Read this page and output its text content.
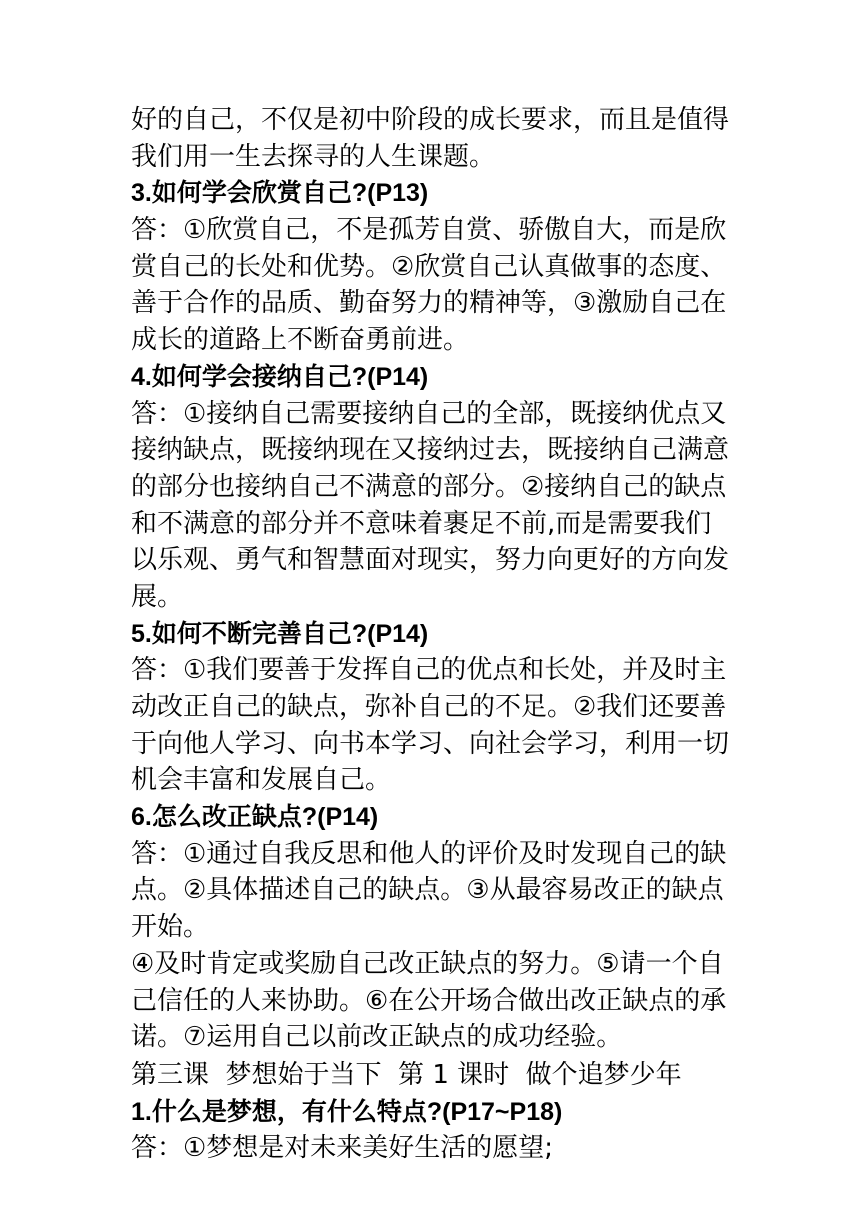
好的自己，不仅是初中阶段的成长要求，而且是值得
我们用一生去探寻的人生课题。
3.如何学会欣赏自己?(P13)
答：①欣赏自己，不是孤芳自赏、骄傲自大，而是欣
赏自己的长处和优势。②欣赏自己认真做事的态度、
善于合作的品质、勤奋努力的精神等，③激励自己在
成长的道路上不断奋勇前进。
4.如何学会接纳自己?(P14)
答：①接纳自己需要接纳自己的全部，既接纳优点又
接纳缺点，既接纳现在又接纳过去，既接纳自己满意
的部分也接纳自己不满意的部分。②接纳自己的缺点
和不满意的部分并不意味着裹足不前,而是需要我们
以乐观、勇气和智慧面对现实，努力向更好的方向发
展。
5.如何不断完善自己?(P14)
答：①我们要善于发挥自己的优点和长处，并及时主
动改正自己的缺点，弥补自己的不足。②我们还要善
于向他人学习、向书本学习、向社会学习，利用一切
机会丰富和发展自己。
6.怎么改正缺点?(P14)
答：①通过自我反思和他人的评价及时发现自己的缺
点。②具体描述自己的缺点。③从最容易改正的缺点
开始。
④及时肯定或奖励自己改正缺点的努力。⑤请一个自
己信任的人来协助。⑥在公开场合做出改正缺点的承
诺。⑦运用自己以前改正缺点的成功经验。
第三课  梦想始于当下  第 1 课时  做个追梦少年
1.什么是梦想，有什么特点?(P17~P18)
答：①梦想是对未来美好生活的愿望;
